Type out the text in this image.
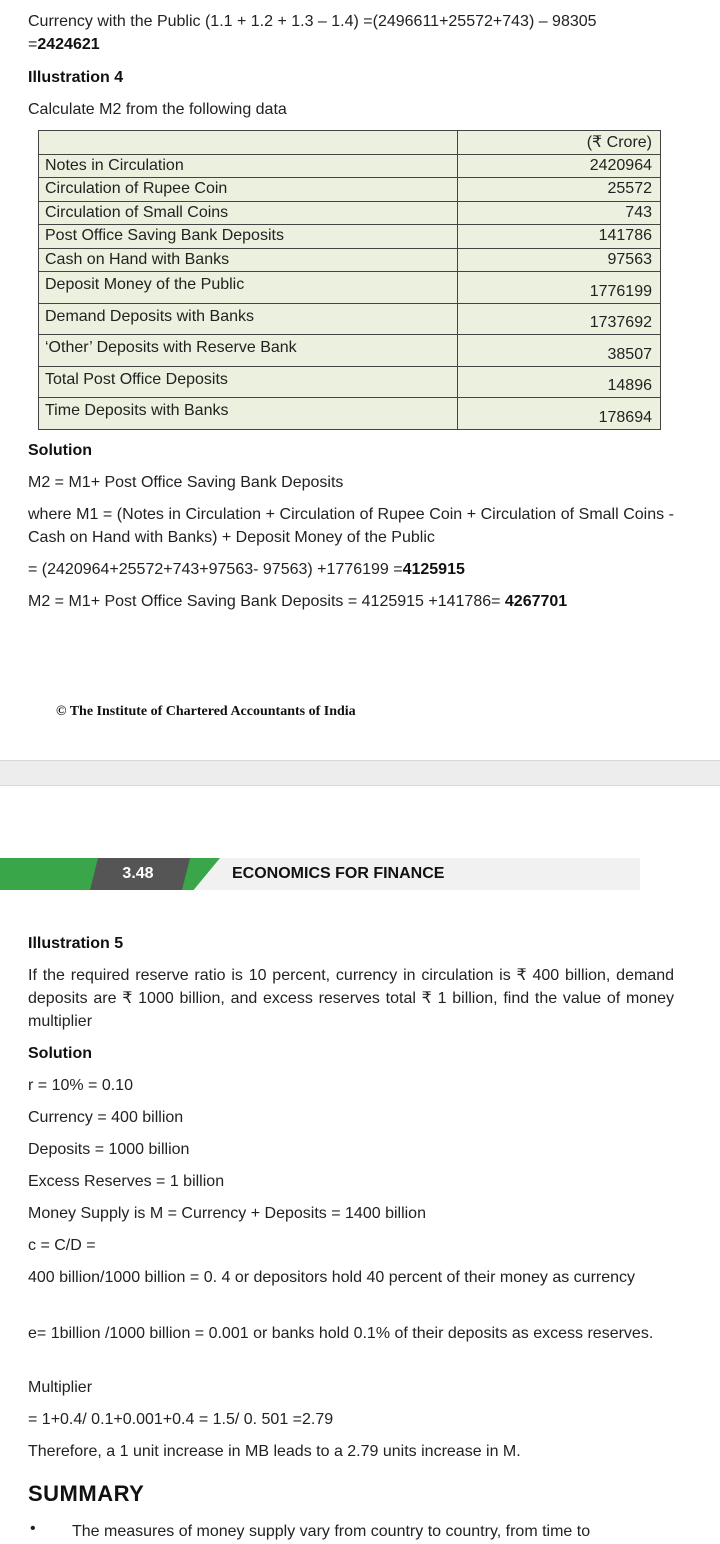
Currency with the Public (1.1 + 1.2 + 1.3 – 1.4) =(2496611+25572+743) – 98305
=2424621
Illustration 4
Calculate M2 from the following data
	(₹ Crore)
Notes in Circulation	2420964
Circulation of Rupee Coin	25572
Circulation of Small Coins	743
Post Office Saving Bank Deposits	141786
Cash on Hand with Banks	97563
Deposit Money of the Public	1776199
Demand Deposits with Banks	1737692
‘Other’ Deposits with Reserve Bank	38507
Total Post Office Deposits	14896
Time Deposits with Banks	178694
Solution
M2 = M1+ Post Office Saving Bank Deposits
where M1 = (Notes in Circulation + Circulation of Rupee Coin + Circulation of Small Coins - Cash on Hand with Banks) + Deposit Money of the Public
= (2420964+25572+743+97563- 97563) +1776199 =4125915
M2 = M1+ Post Office Saving Bank Deposits = 4125915 +141786= 4267701
© The Institute of Chartered Accountants of India
3.48	ECONOMICS FOR FINANCE
Illustration 5
If the required reserve ratio is 10 percent, currency in circulation is ₹ 400 billion, demand deposits are ₹ 1000 billion, and excess reserves total ₹ 1 billion, find the value of money multiplier
Solution
r = 10% = 0.10
Currency = 400 billion
Deposits = 1000 billion
Excess Reserves = 1 billion
Money Supply is M = Currency + Deposits = 1400 billion
c = C/D =
400 billion/1000 billion = 0. 4 or depositors hold 40 percent of their money as currency
e= 1billion /1000 billion = 0.001 or banks hold 0.1% of their deposits as excess reserves.
Multiplier
= 1+0.4/ 0.1+0.001+0.4 = 1.5/ 0. 501 =2.79
Therefore, a 1 unit increase in MB leads to a 2.79 units increase in M.
SUMMARY
• The measures of money supply vary from country to country, from time to
